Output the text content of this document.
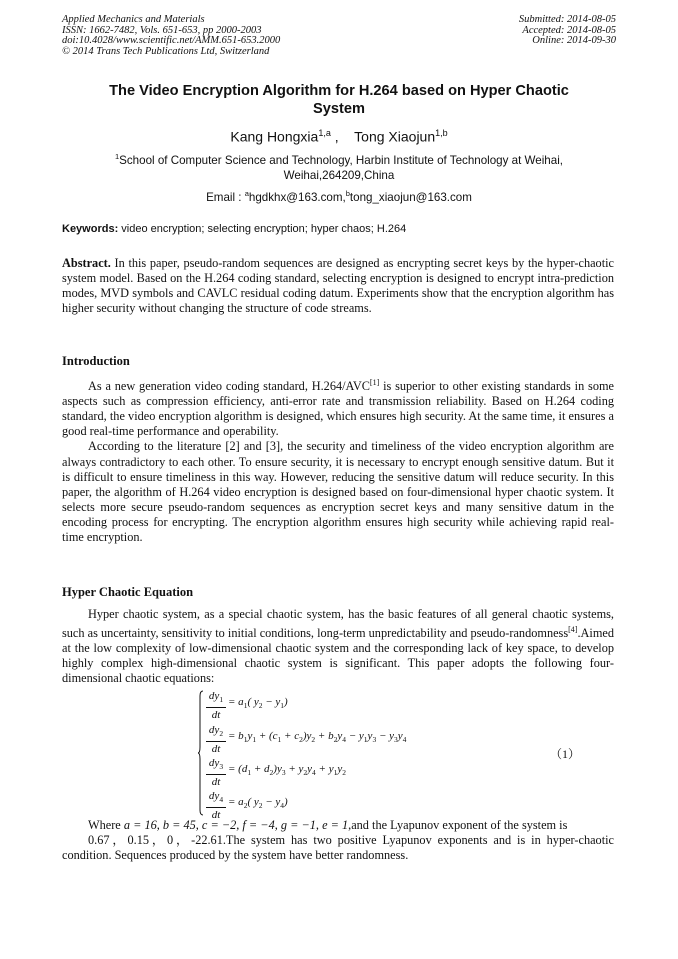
Applied Mechanics and Materials
ISSN: 1662-7482, Vols. 651-653, pp 2000-2003
doi:10.4028/www.scientific.net/AMM.651-653.2000
© 2014 Trans Tech Publications Ltd, Switzerland
Submitted: 2014-08-05
Accepted: 2014-08-05
Online: 2014-09-30
The Video Encryption Algorithm for H.264 based on Hyper Chaotic
System
Kang Hongxia$^{1,a}$ , Tong Xiaojun$^{1,b}$
$^1$School of Computer Science and Technology, Harbin Institute of Technology at Weihai,
Weihai,264209,China
Email : $^a$hgdkhx@163.com,$^b$tong_xiaojun@163.com
Keywords: video encryption; selecting encryption; hyper chaos; H.264
Abstract. In this paper, pseudo-random sequences are designed as encrypting secret keys by the hyper-chaotic system model. Based on the H.264 coding standard, selecting encryption is designed to encrypt intra-prediction modes, MVD symbols and CAVLC residual coding datum. Experiments show that the encryption algorithm has higher security without changing the structure of code streams.
Introduction

As a new generation video coding standard, H.264/AVC[1] is superior to other existing standards in some aspects such as compression efficiency, anti-error rate and transmission reliability. Based on H.264 coding standard, the video encryption algorithm is designed, which ensures high security. At the same time, it ensures a good real-time performance and operability.

According to the literature [2] and [3], the security and timeliness of the video encryption algorithm are always contradictory to each other. To ensure security, it is necessary to encrypt enough sensitive datum. But it is difficult to ensure timeliness in this way. However, reducing the sensitive datum will reduce security. In this paper, the algorithm of H.264 video encryption is designed based on four-dimensional hyper chaotic system. It selects more secure pseudo-random sequences as encryption secret keys and many sensitive datum in the encoding process for encrypting. The encryption algorithm ensures high security while achieving rapid real-time encryption.

Hyper Chaotic Equation

Hyper chaotic system, as a special chaotic system, has the basic features of all general chaotic systems, such as uncertainty, sensitivity to initial conditions, long-term unpredictability and pseudo-randomness[4].Aimed at the low complexity of low-dimensional chaotic system and the corresponding lack of key space, to develop highly complex high-dimensional chaotic system is significant. This paper adopts the following four-dimensional chaotic equations:

$\frac{dy_1}{dt} = a_1$( $y_2 - y_1$)
$\frac{dy_2}{dt} = b_1y_1 + (c_1 + c_2)y_2 + b_2y_4 - y_1y_3 - y_3y_4$
$\frac{dy_3}{dt} = (d_1 + d_2)y_3 + y_2y_4 + y_1y_2$
$\frac{dy_4}{dt} = a_2$( $y_2 - y_4$)
（1）

Where a = 16, b = 45, c = −2, f = −4, g = −1, e = 1,and the Lyapunov exponent of the system is

0.67，0.15，0，-22.61.The system has two positive Lyapunov exponents and is in hyper-chaotic condition. Sequences produced by the system have better randomness.
